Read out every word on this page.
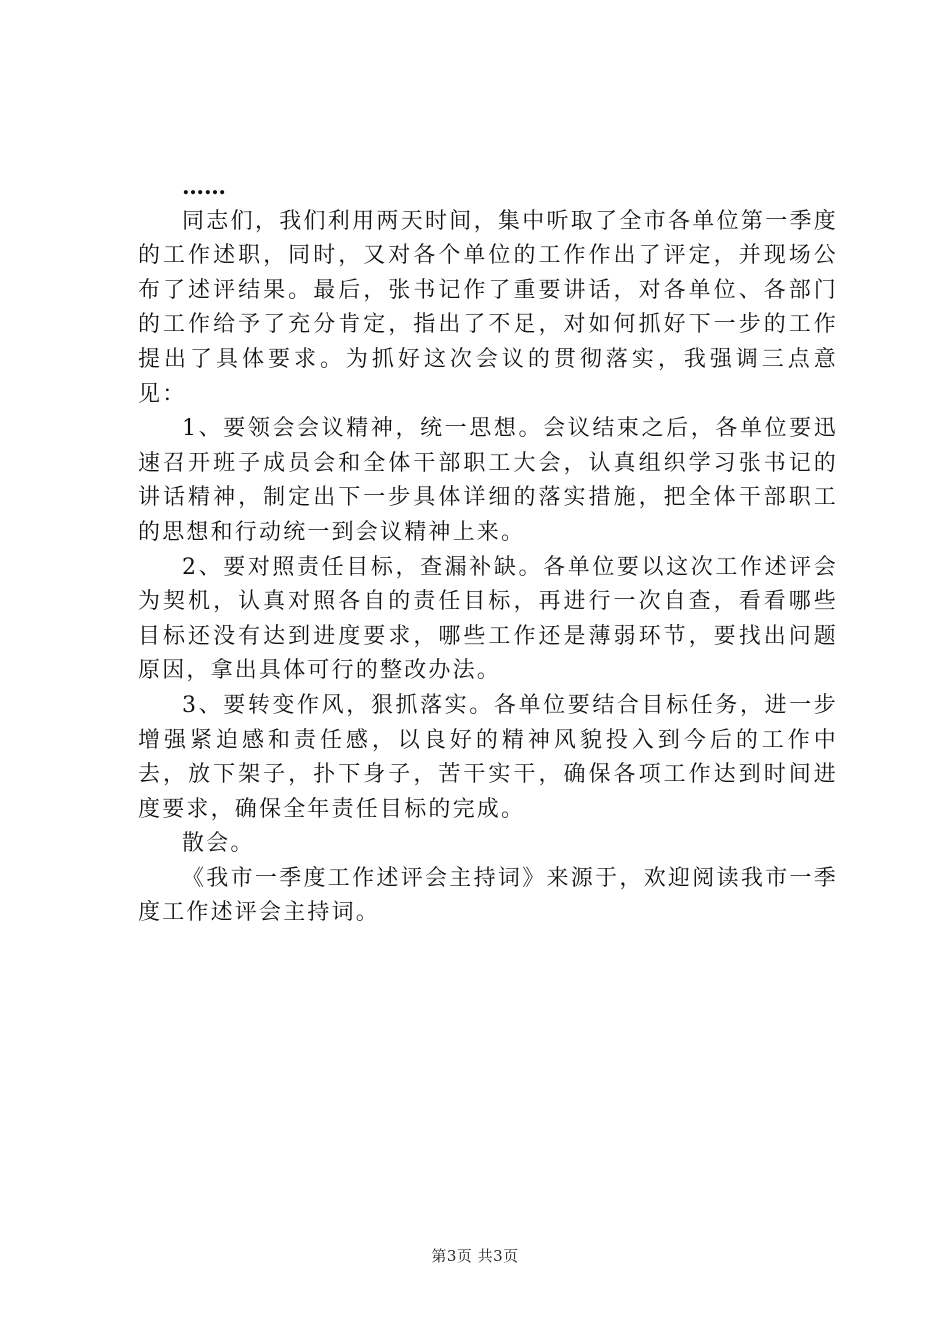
……

同志们，我们利用两天时间，集中听取了全市各单位第一季度的工作述职，同时，又对各个单位的工作作出了评定，并现场公布了述评结果。最后，张书记作了重要讲话，对各单位、各部门的工作给予了充分肯定，指出了不足，对如何抓好下一步的工作提出了具体要求。为抓好这次会议的贯彻落实，我强调三点意见：

1、要领会会议精神，统一思想。会议结束之后，各单位要迅速召开班子成员会和全体干部职工大会，认真组织学习张书记的讲话精神，制定出下一步具体详细的落实措施，把全体干部职工的思想和行动统一到会议精神上来。

2、要对照责任目标，查漏补缺。各单位要以这次工作述评会为契机，认真对照各自的责任目标，再进行一次自查，看看哪些目标还没有达到进度要求，哪些工作还是薄弱环节，要找出问题原因，拿出具体可行的整改办法。

3、要转变作风，狠抓落实。各单位要结合目标任务，进一步增强紧迫感和责任感，以良好的精神风貌投入到今后的工作中去，放下架子，扑下身子，苦干实干，确保各项工作达到时间进度要求，确保全年责任目标的完成。

散会。

《我市一季度工作述评会主持词》来源于，欢迎阅读我市一季度工作述评会主持词。

第3页 共3页
